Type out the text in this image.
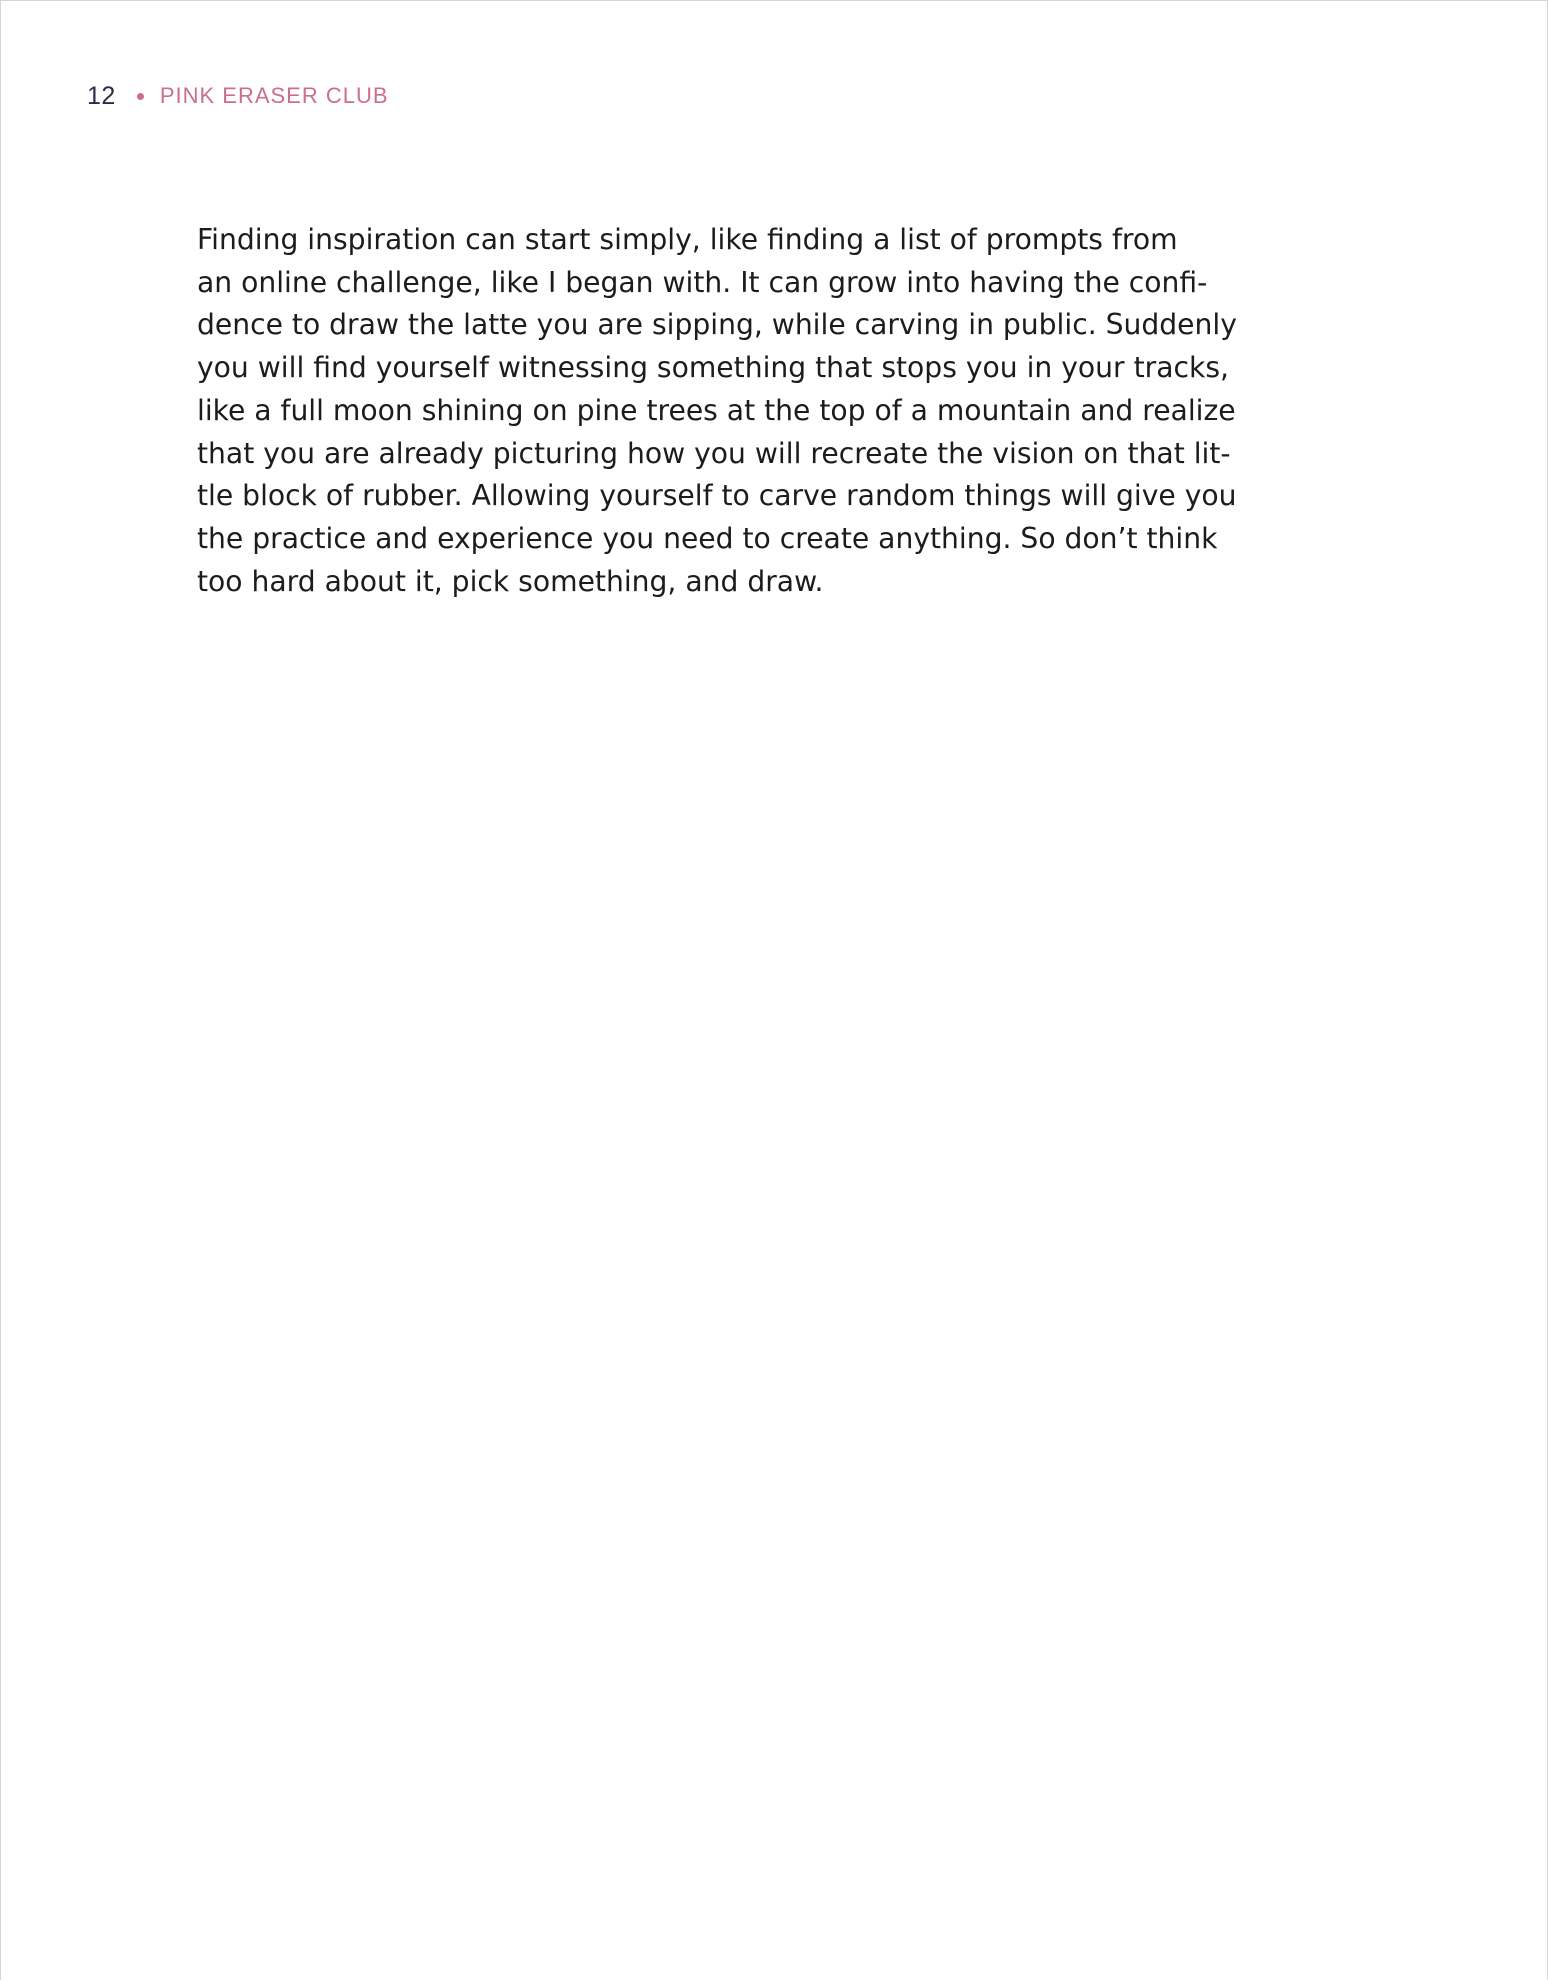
12 PINK ERASER CLUB

Finding inspiration can start simply, like finding a list of prompts from
an online challenge, like I began with. It can grow into having the confi-
dence to draw the latte you are sipping, while carving in public. Suddenly
you will find yourself witnessing something that stops you in your tracks,
like a full moon shining on pine trees at the top of a mountain and realize
that you are already picturing how you will recreate the vision on that lit-
tle block of rubber. Allowing yourself to carve random things will give you
the practice and experience you need to create anything. So don’t think
too hard about it, pick something, and draw.
